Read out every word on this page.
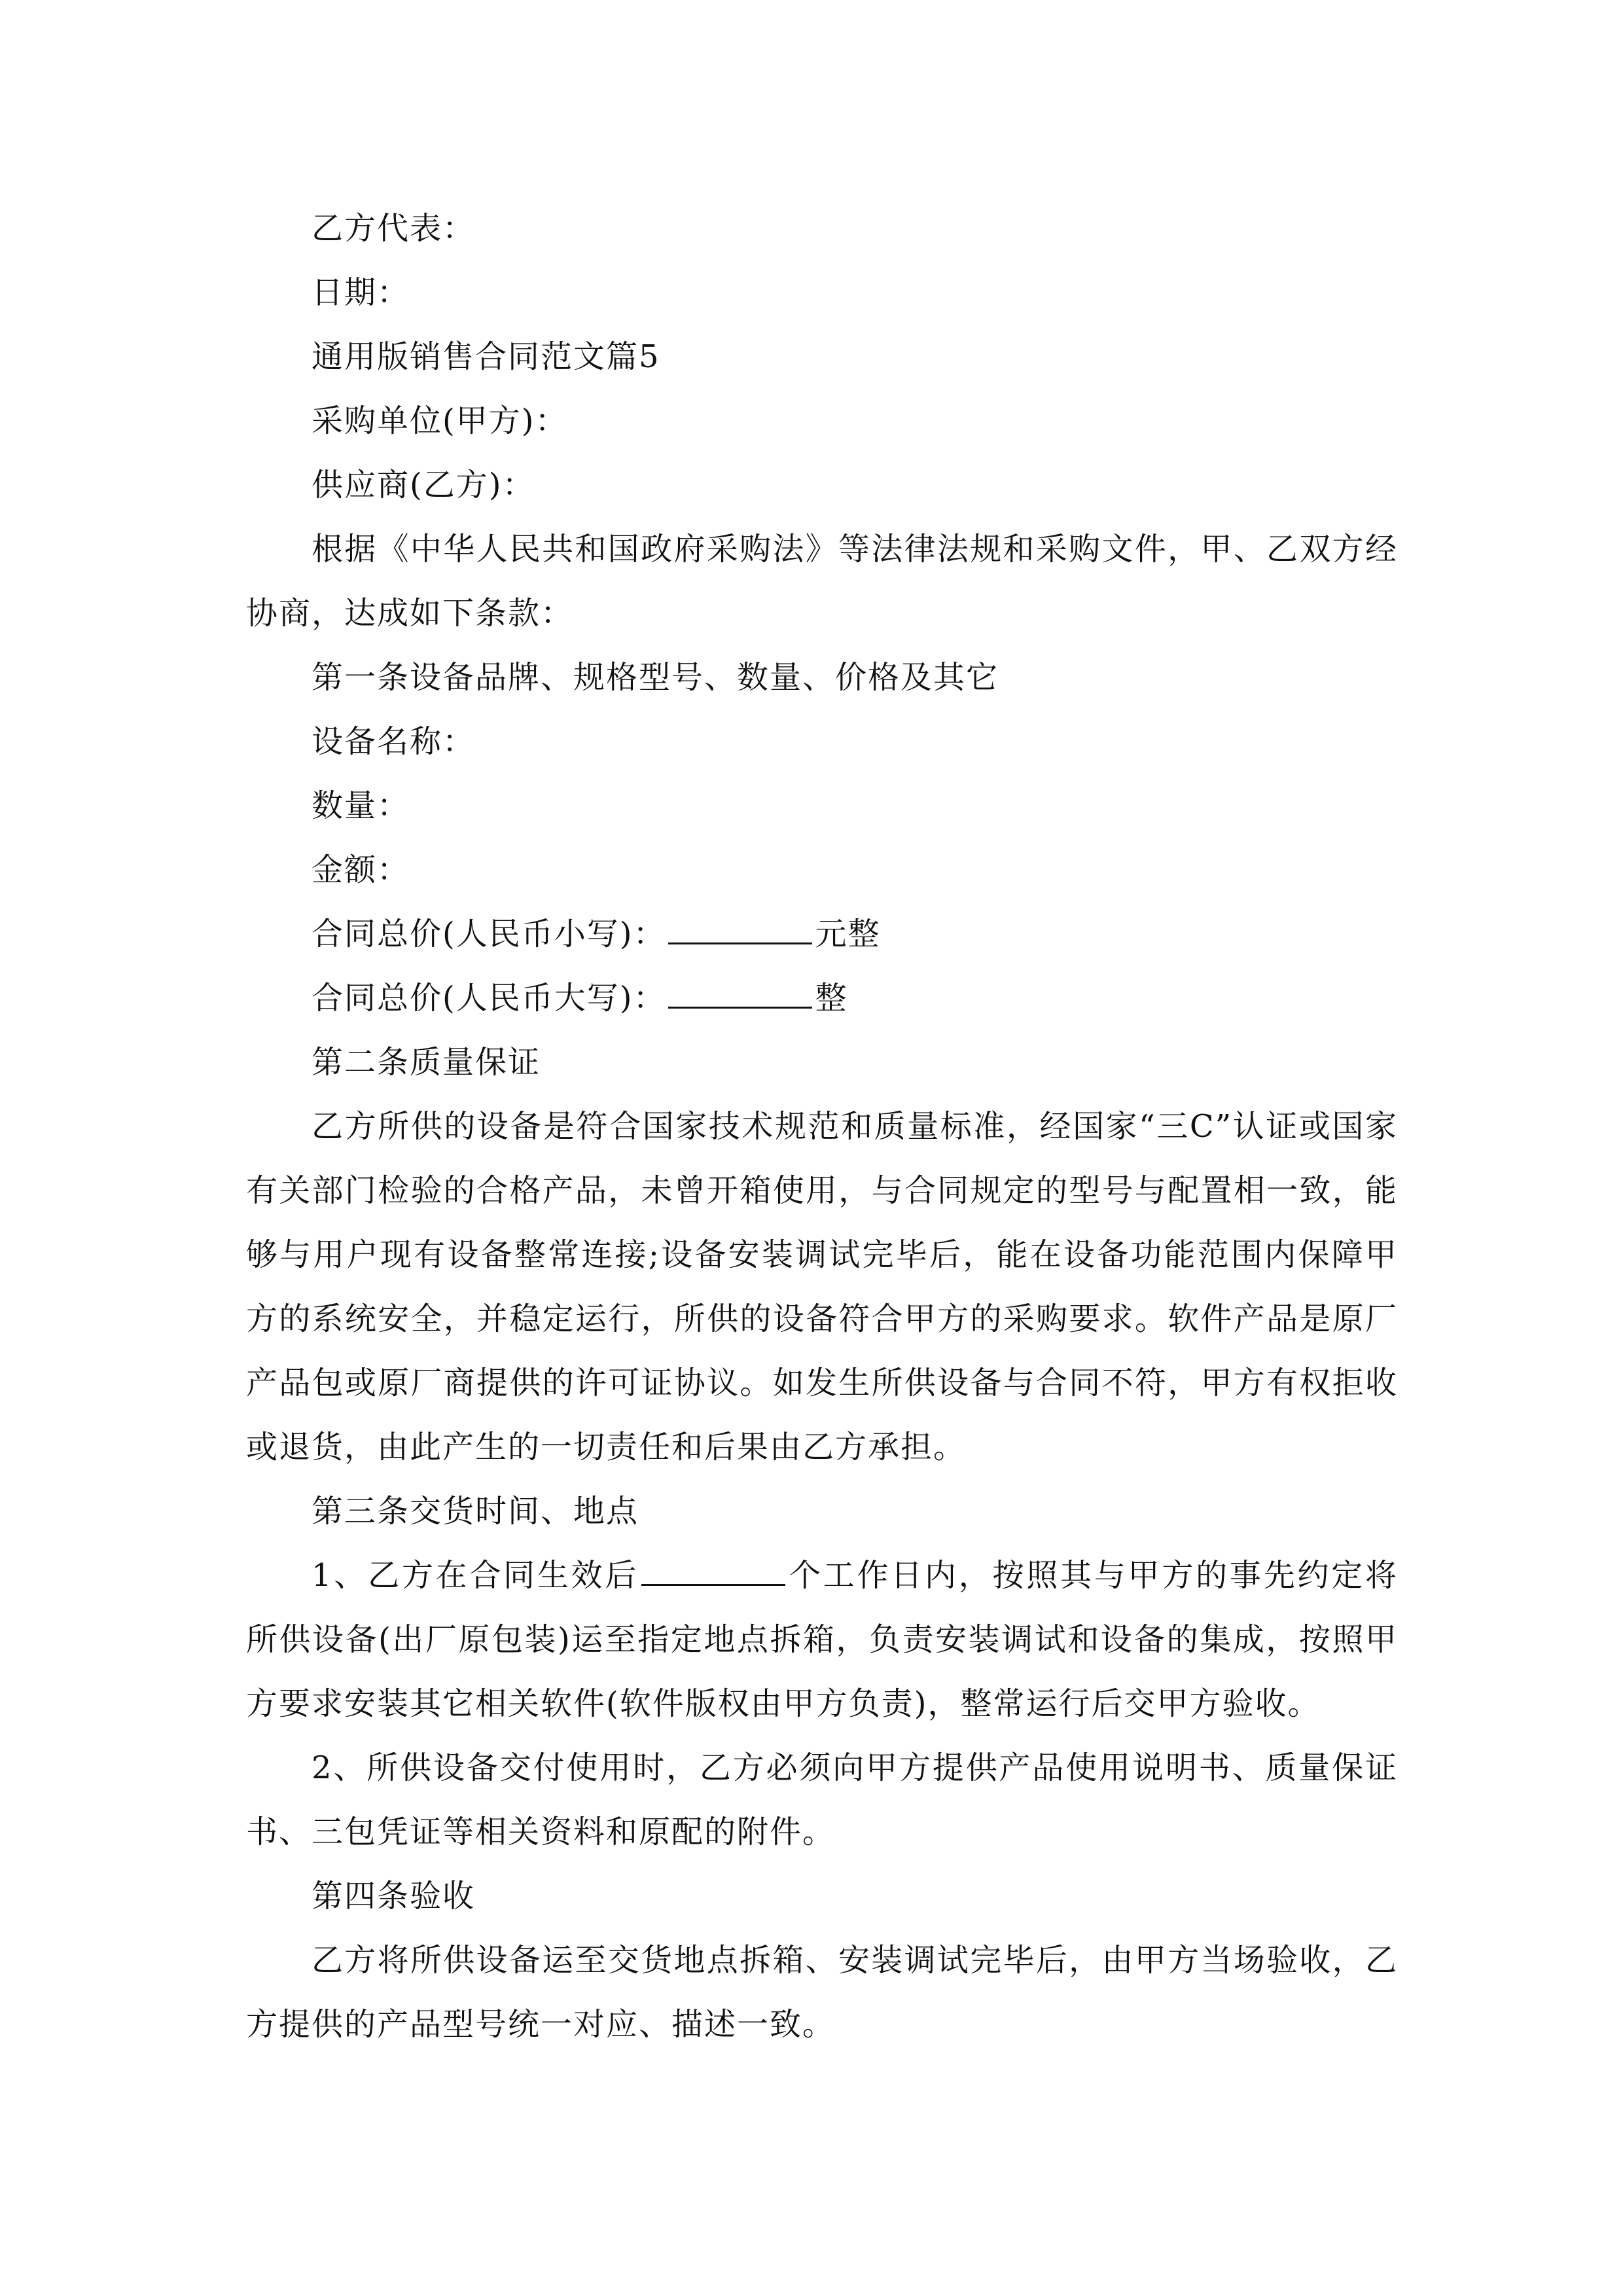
乙方代表：
日期：
通用版销售合同范文篇5
采购单位(甲方)：
供应商(乙方)：
根据《中华人民共和国政府采购法》等法律法规和采购文件，甲、乙双方经协商，达成如下条款：
第一条设备品牌、规格型号、数量、价格及其它
设备名称：
数量：
金额：
合同总价(人民币小写)：	元整
合同总价(人民币大写)：	整
第二条质量保证
乙方所供的设备是符合国家技术规范和质量标准，经国家“三C”认证或国家有关部门检验的合格产品，未曾开箱使用，与合同规定的型号与配置相一致，能够与用户现有设备整常连接;设备安装调试完毕后，能在设备功能范围内保障甲方的系统安全，并稳定运行，所供的设备符合甲方的采购要求。软件产品是原厂产品包或原厂商提供的许可证协议。如发生所供设备与合同不符，甲方有权拒收或退货，由此产生的一切责任和后果由乙方承担。
第三条交货时间、地点
1、乙方在合同生效后	个工作日内，按照其与甲方的事先约定将所供设备(出厂原包装)运至指定地点拆箱，负责安装调试和设备的集成，按照甲方要求安装其它相关软件(软件版权由甲方负责)，整常运行后交甲方验收。
2、所供设备交付使用时，乙方必须向甲方提供产品使用说明书、质量保证书、三包凭证等相关资料和原配的附件。
第四条验收
乙方将所供设备运至交货地点拆箱、安装调试完毕后，由甲方当场验收，乙方提供的产品型号统一对应、描述一致。
